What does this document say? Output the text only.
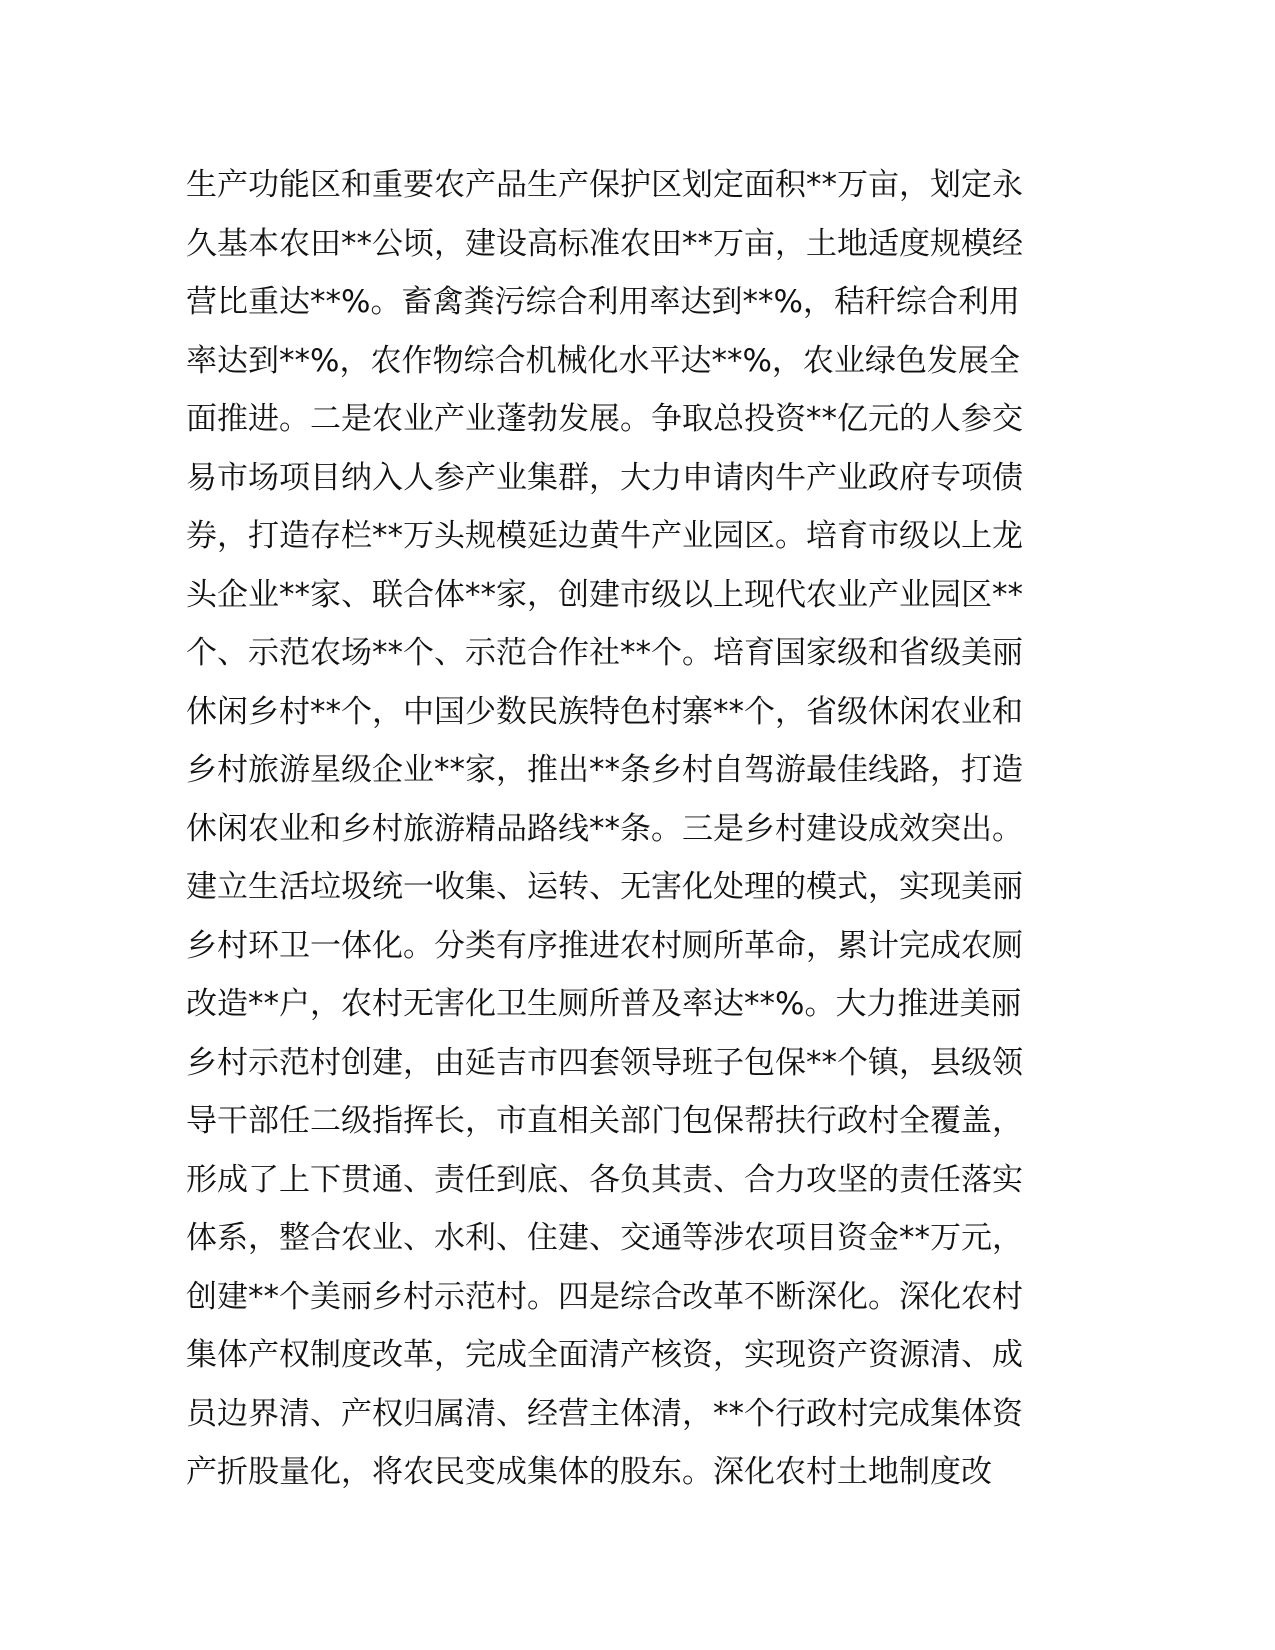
生产功能区和重要农产品生产保护区划定面积**万亩，划定永
久基本农田**公顷，建设高标准农田**万亩，土地适度规模经
营比重达**%。畜禽粪污综合利用率达到**%，秸秆综合利用
率达到**%，农作物综合机械化水平达**%，农业绿色发展全
面推进。二是农业产业蓬勃发展。争取总投资**亿元的人参交
易市场项目纳入人参产业集群，大力申请肉牛产业政府专项债
券，打造存栏**万头规模延边黄牛产业园区。培育市级以上龙
头企业**家、联合体**家，创建市级以上现代农业产业园区**
个、示范农场**个、示范合作社**个。培育国家级和省级美丽
休闲乡村**个，中国少数民族特色村寨**个，省级休闲农业和
乡村旅游星级企业**家，推出**条乡村自驾游最佳线路，打造
休闲农业和乡村旅游精品路线**条。三是乡村建设成效突出。
建立生活垃圾统一收集、运转、无害化处理的模式，实现美丽
乡村环卫一体化。分类有序推进农村厕所革命，累计完成农厕
改造**户，农村无害化卫生厕所普及率达**%。大力推进美丽
乡村示范村创建，由延吉市四套领导班子包保**个镇，县级领
导干部任二级指挥长，市直相关部门包保帮扶行政村全覆盖，
形成了上下贯通、责任到底、各负其责、合力攻坚的责任落实
体系，整合农业、水利、住建、交通等涉农项目资金**万元，
创建**个美丽乡村示范村。四是综合改革不断深化。深化农村
集体产权制度改革，完成全面清产核资，实现资产资源清、成
员边界清、产权归属清、经营主体清，**个行政村完成集体资
产折股量化，将农民变成集体的股东。深化农村土地制度改
